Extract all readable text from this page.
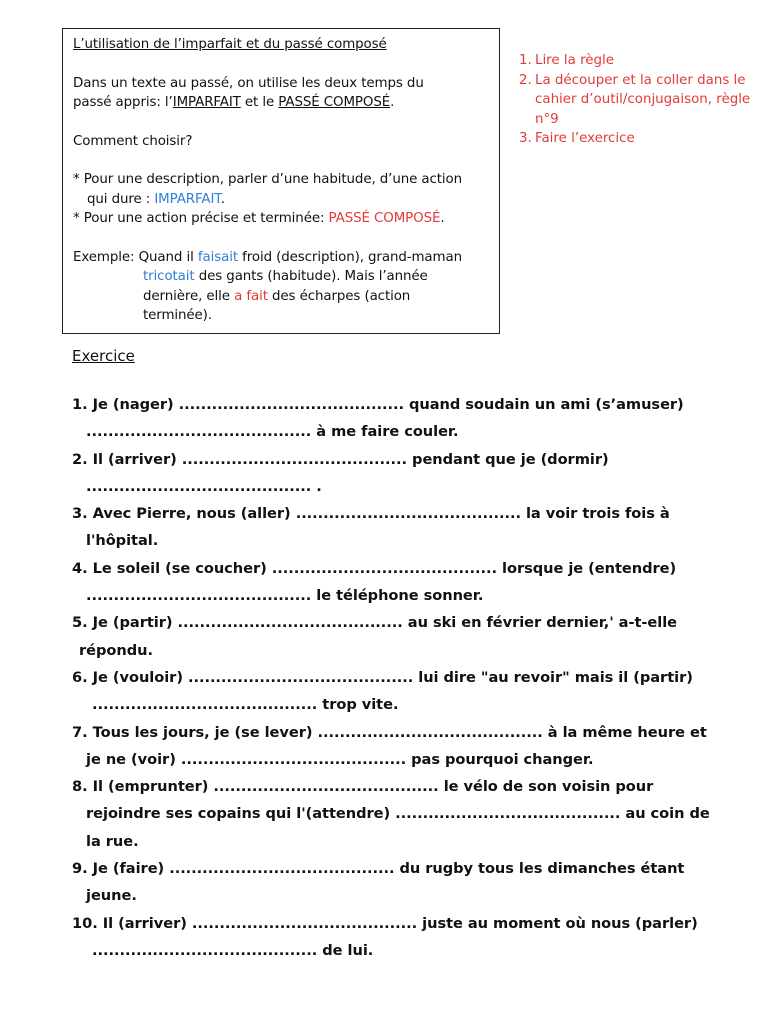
L’utilisation de l’imparfait et du passé composé

Dans un texte au passé, on utilise les deux temps du

passé appris: l’IMPARFAIT et le PASSÉ COMPOSÉ.

Comment choisir?

* Pour une description, parler d’une habitude, d’une action

qui dure : IMPARFAIT.

* Pour une action précise et terminée: PASSÉ COMPOSÉ.

Exemple: Quand il faisait froid (description), grand-maman

tricotait des gants (habitude). Mais l’année

dernière, elle a fait des écharpes (action

terminée).

1. Lire la règle
2. La découper et la coller dans le cahier d’outil/conjugaison, règle n°9
3. Faire l’exercice
Exercice

1. Je (nager) ......................................... quand soudain un ami (s’amuser)

......................................... à me faire couler.

2. Il (arriver) ......................................... pendant que je (dormir)

......................................... .

3. Avec Pierre, nous (aller) ......................................... la voir trois fois à

l'hôpital.

4. Le soleil (se coucher) ......................................... lorsque je (entendre)

......................................... le téléphone sonner.

5. Je (partir) ......................................... au ski en février dernier,' a-t-elle

répondu.

6. Je (vouloir) ......................................... lui dire "au revoir" mais il (partir)

......................................... trop vite.

7. Tous les jours, je (se lever) ......................................... à la même heure et

je ne (voir) ......................................... pas pourquoi changer.

8. Il (emprunter) ......................................... le vélo de son voisin pour

rejoindre ses copains qui l'(attendre) ......................................... au coin de

la rue.

9. Je (faire) ......................................... du rugby tous les dimanches étant

jeune.

10. Il (arriver) ......................................... juste au moment où nous (parler)

......................................... de lui.
